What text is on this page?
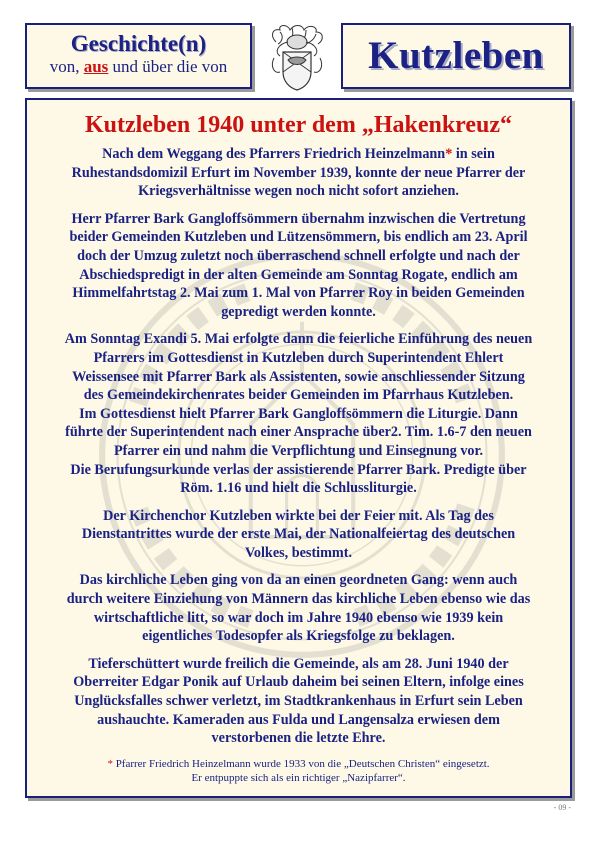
Geschichte(n)
von, aus und über die von	Kutzleben
Kutzleben 1940 unter dem „Hakenkreuz“
Nach dem Weggang des Pfarrers Friedrich Heinzelmann* in sein
Ruhestandsdomizil Erfurt im November 1939, konnte der neue Pfarrer der
Kriegsverhältnisse wegen noch nicht sofort anziehen.
Herr Pfarrer Bark Gangloffsömmern übernahm inzwischen die Vertretung
beider Gemeinden Kutzleben und Lützensömmern, bis endlich am 23. April
doch der Umzug zuletzt noch überraschend schnell erfolgte und nach der
Abschiedspredigt in der alten Gemeinde am Sonntag Rogate, endlich am
Himmelfahrtstag 2. Mai zum 1. Mal von Pfarrer Roy in beiden Gemeinden
gepredigt werden konnte.
Am Sonntag Exandi 5. Mai erfolgte dann die feierliche Einführung des neuen
Pfarrers im Gottesdienst in Kutzleben durch Superintendent Ehlert
Weissensee mit Pfarrer Bark als Assistenten, sowie anschliessender Sitzung
des Gemeindekirchenrates beider Gemeinden im Pfarrhaus Kutzleben.
Im Gottesdienst hielt Pfarrer Bark Gangloffsömmern die Liturgie. Dann
führte der Superintendent nach einer Ansprache über2. Tim. 1.6-7 den neuen
Pfarrer ein und nahm die Verpflichtung und Einsegnung vor.
Die Berufungsurkunde verlas der assistierende Pfarrer Bark. Predigte über
Röm. 1.16 und hielt die Schlussliturgie.
Der Kirchenchor Kutzleben wirkte bei der Feier mit. Als Tag des
Dienstantrittes wurde der erste Mai, der Nationalfeiertag des deutschen
Volkes, bestimmt.
Das kirchliche Leben ging von da an einen geordneten Gang: wenn auch
durch weitere Einziehung von Männern das kirchliche Leben ebenso wie das
wirtschaftliche litt, so war doch im Jahre 1940 ebenso wie 1939 kein
eigentliches Todesopfer als Kriegsfolge zu beklagen.
Tieferschüttert wurde freilich die Gemeinde, als am 28. Juni 1940 der
Oberreiter Edgar Ponik auf Urlaub daheim bei seinen Eltern, infolge eines
Unglücksfalles schwer verletzt, im Stadtkrankenhaus in Erfurt sein Leben
aushauchte. Kameraden aus Fulda und Langensalza erwiesen dem
verstorbenen die letzte Ehre.
* Pfarrer Friedrich Heinzelmann wurde 1933 von die „Deutschen Christen“ eingesetzt.
Er entpuppte sich als ein richtiger „Nazipfarrer“.
- 09 -
